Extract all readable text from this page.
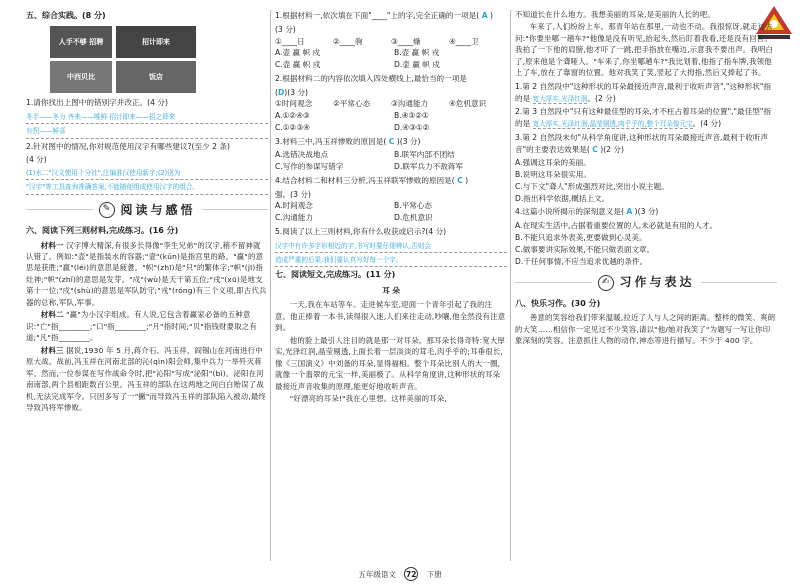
五、综合实践。(8 分)
人手不够 招聘
中西贝比
招计即来
饭店
1.请你找出上图中的错别字并改正。(4 分)
冬手——冬力 齐来——唯鲜 招计即来——招之即来
有拐——鲜喜
2.针对图中的情况,你对规范使用汉字有哪些建议?(至少 2 条)
(4 分)
(1)水二"汉文使用十分社",注编准汉使用新字;(2)别为
"汉字"等工具查询准确答案,不能随便组成使用汉字的组合。
✎ 阅读与感悟
六、阅读下列三则材料,完成练习。(16 分)
材料一 汉字博大精深,有很多长得像"孪生兄弟"的汉字,稍不留神就认错了。例如:"壶"是指装水的容器;"壸"(kǔn)是指宫里的路。"赢"的意思是获胜;"嬴"(léi)的意思是疲惫。"帜"(zhī)是"只"的繁体字;"帜"(jī)指灶神;"帜"(zhǐ)的意思是发芽。"戍"(wù)是天干第五位;"戌"(xū)是地支第十一位;"戍"(shù)的意思是军队防守;"戎"(róng)有三个义项,即古代兵器的总称,军队,军事。
材料二 "赢"为小汉字组成。有人说,它包含着赢家必备的五种意识:"亡"指________;"口"指________;"月"指时间;"贝"指钱财要取之有道;"凡"指________。
材料三 据说,1930 年 5 月,蒋介石、冯玉祥、阎锡山在河南进行中原大战。战前,冯玉祥在河南北部的沁(qìn)阳会师,集中兵力一举歼灭蒋军。然而,一位参谋在写作战命令时,把"沁阳"写成"泌阳"(bì)。泌阳在河南南部,两个县相距数百公里。冯玉祥的部队在这两地之间白白贻误了战机,无法完成军令。只因多写了一"撇"而导致冯玉祥的部队陷入被动,最终导致冯将军惨败。
1.根据材料一,依次填在下面"____"上的字,完全正确的一项是( A )
(3 分)
①____日	②____驹	③____燥	④____卫
A.壶 赢 帜 戍	B.壶 赢 帜 戎
C.壶 赢 帜 戍	D.壶 赢 帜 戍
2.根据材料二的内容依次填入四处横线上,最恰当的一项是
(D)(3 分)
①时间观念	②平常心态	③沟通能力	④危机意识
A.①②④③	B.④③②①
C.①②③④	D.④③①②
3.材料三中,冯玉祥惨败的原因是( C )(3 分)
A.选错决战地点	B.联军内部不团结
C.写作的参谋写错字	D.联军兵力不敌蒋军
4.结合材料二和材料三分析,冯玉祥联军惨败的原因是( C )
强。(3 分)
A.时间观念	B.平常心态
C.沟通能力	D.危机意识
5.阅读了以上三则材料,你有什么收获或启示?(4 分)
汉字中有许多字形相近的字,书写时要仔细辨认,否则会
造成严重的后果,我们要认真写好每一个字。
七、阅读短文,完成练习。(11 分)
耳 朵
一天,我在车站等车。走进候车室,迎面一个青年引起了我的注意。他正捧着一本书,读得很入迷,人们来往走动,吵嚷,他全然没有注意到。
他的脸上最引人注目的就是那一对耳朵。那耳朵长得奇特:宽大厚实,光泽红润,晶莹剔透,上面长着一层淡淡的茸毛,肉乎乎的;耳垂很长,像《三国演义》中刘备的耳朵,显得福相。整个耳朵比别人的大一圈,就像一个翡翠的元宝一样,美丽极了。从科学角度讲,这种形状的耳朵最接近声音收集的原理,能更好地收听声音。
"好漂亮的耳朵!"我在心里想。这样美丽的耳朵,
不知道长在什么地方。我想美丽的耳朵,是美丽的人长的吧。
车来了,人们纷纷上车。那青年站在那里,一动也不动。我很惊讶,就走过去问:"你要坐哪一趟车?"他像是没有听见,抬起头,然后盯着我看,还是没有回答。我拍了一下他的肩膀,他才吓了一跳,把手指放在嘴边,示意我不要出声。我明白了,原来他是个聋哑人。"车来了,你坐哪趟车?"我比划着,他指了指车牌,我领他上了车,放在了靠窗的位置。他对我笑了笑,竖起了大拇指,然后又捧起了书。
1.第 2 自然段中"这种形状的耳朵最接近声音,最利于收听声音","这种形状"指的是 宽大厚实,光泽红润。(2 分)
2.第 3 自然段中"只有这种最佳型的耳朵,才不枉占着耳朵的位置","最佳型"指的是 宽大厚实,光泽红润,晶莹剔透,肉乎乎的,整个耳朵像元宝。(4 分)
3.第 2 自然段末句"从科学角度讲,这种形状的耳朵最接近声音,最利于收听声音"的主要表达效果是( C )(2 分)
A.强调这耳朵的美丽。
B.说明这耳朵很实用。
C.与下文"聋人"形成强烈对比,突出小说主题。
D.指出科学依据,概括上文。
4.这篇小说所揭示的深刻意义是( A )(3 分)
A.在现实生活中,占据着重要位置的人,未必就是有用的人才。
B.不能只追求外表美,更要做到心灵美。
C.做事要讲实际效果,不能只做表面文章。
D.千任何事情,不应当追求优越的条件。
✍ 习作与表达
八、快乐习作。(30 分)
善意的笑容给我们带来温暖,拉近了人与人之间的距离。整样的微笑、爽朗的大笑……相信你一定见过不少笑容,请以"他/她对我笑了"为题写一写让你印象深刻的笑容。注意抓住人物的动作,神态等进行描写。不少于 400 字。
五年级语文 72 下册
